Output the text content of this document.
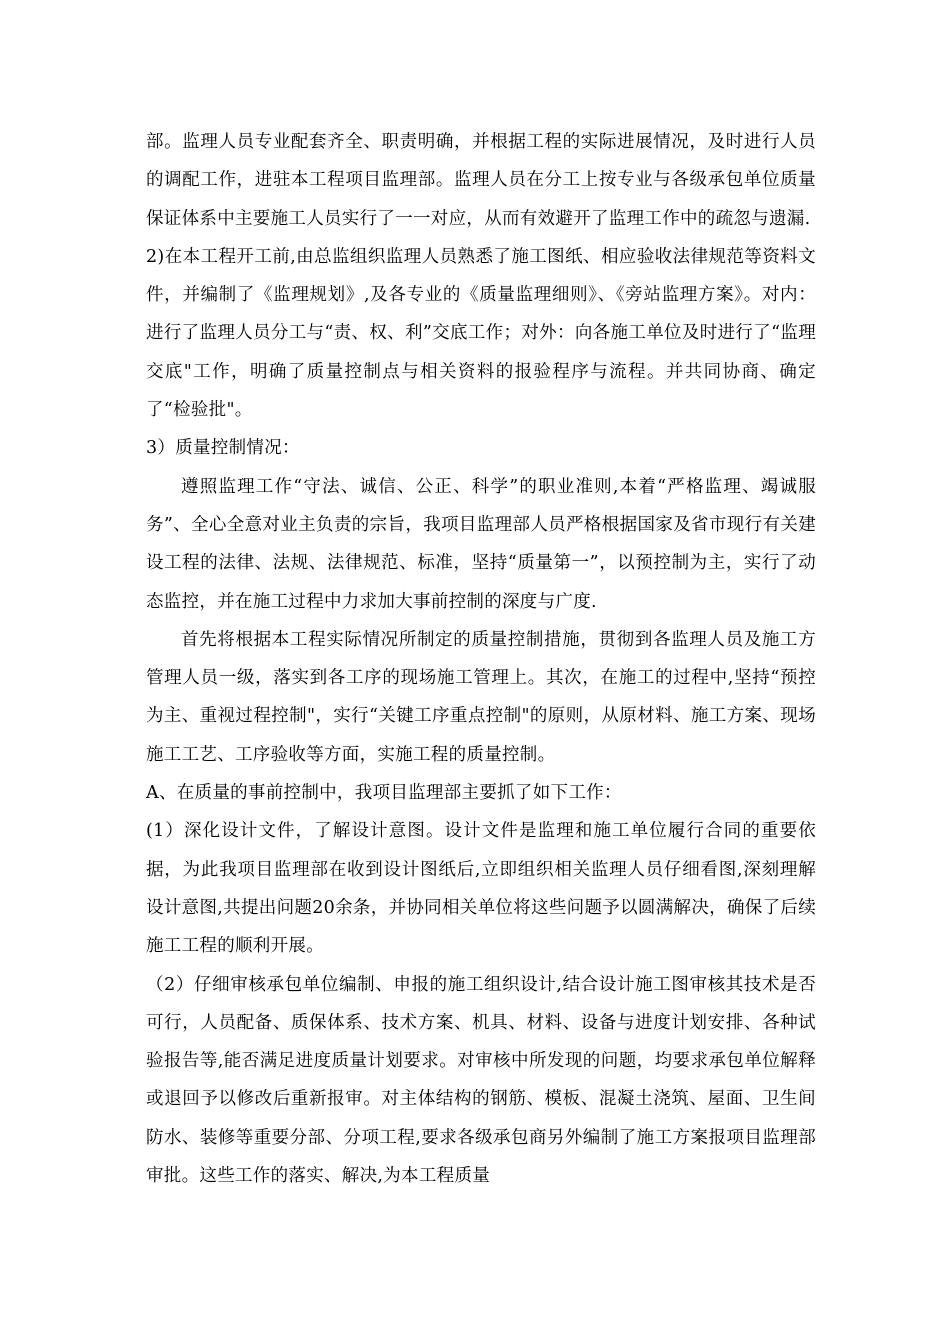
部。监理人员专业配套齐全、职责明确，并根据工程的实际进展情况，及时进行人员的调配工作，进驻本工程项目监理部。监理人员在分工上按专业与各级承包单位质量保证体系中主要施工人员实行了一一对应，从而有效避开了监理工作中的疏忽与遗漏.

2)在本工程开工前,由总监组织监理人员熟悉了施工图纸、相应验收法律规范等资料文件，并编制了《监理规划》,及各专业的《质量监理细则》、《旁站监理方案》。对内：进行了监理人员分工与“责、权、利”交底工作；对外：向各施工单位及时进行了“监理交底"工作，明确了质量控制点与相关资料的报验程序与流程。并共同协商、确定了“检验批"。

3）质量控制情况：

遵照监理工作“守法、诚信、公正、科学”的职业准则,本着“严格监理、竭诚服务”、全心全意对业主负责的宗旨，我项目监理部人员严格根据国家及省市现行有关建设工程的法律、法规、法律规范、标准，坚持“质量第一”，以预控制为主，实行了动态监控，并在施工过程中力求加大事前控制的深度与广度.

首先将根据本工程实际情况所制定的质量控制措施，贯彻到各监理人员及施工方管理人员一级，落实到各工序的现场施工管理上。其次，在施工的过程中,坚持“预控为主、重视过程控制"，实行“关键工序重点控制"的原则，从原材料、施工方案、现场施工工艺、工序验收等方面，实施工程的质量控制。

A、在质量的事前控制中，我项目监理部主要抓了如下工作：

(1）深化设计文件，了解设计意图。设计文件是监理和施工单位履行合同的重要依据，为此我项目监理部在收到设计图纸后,立即组织相关监理人员仔细看图,深刻理解设计意图,共提出问题20余条，并协同相关单位将这些问题予以圆满解决，确保了后续施工工程的顺利开展。

（2）仔细审核承包单位编制、申报的施工组织设计,结合设计施工图审核其技术是否可行，人员配备、质保体系、技术方案、机具、材料、设备与进度计划安排、各种试验报告等,能否满足进度质量计划要求。对审核中所发现的问题，均要求承包单位解释或退回予以修改后重新报审。对主体结构的钢筋、模板、混凝土浇筑、屋面、卫生间防水、装修等重要分部、分项工程,要求各级承包商另外编制了施工方案报项目监理部审批。这些工作的落实、解决,为本工程质量
